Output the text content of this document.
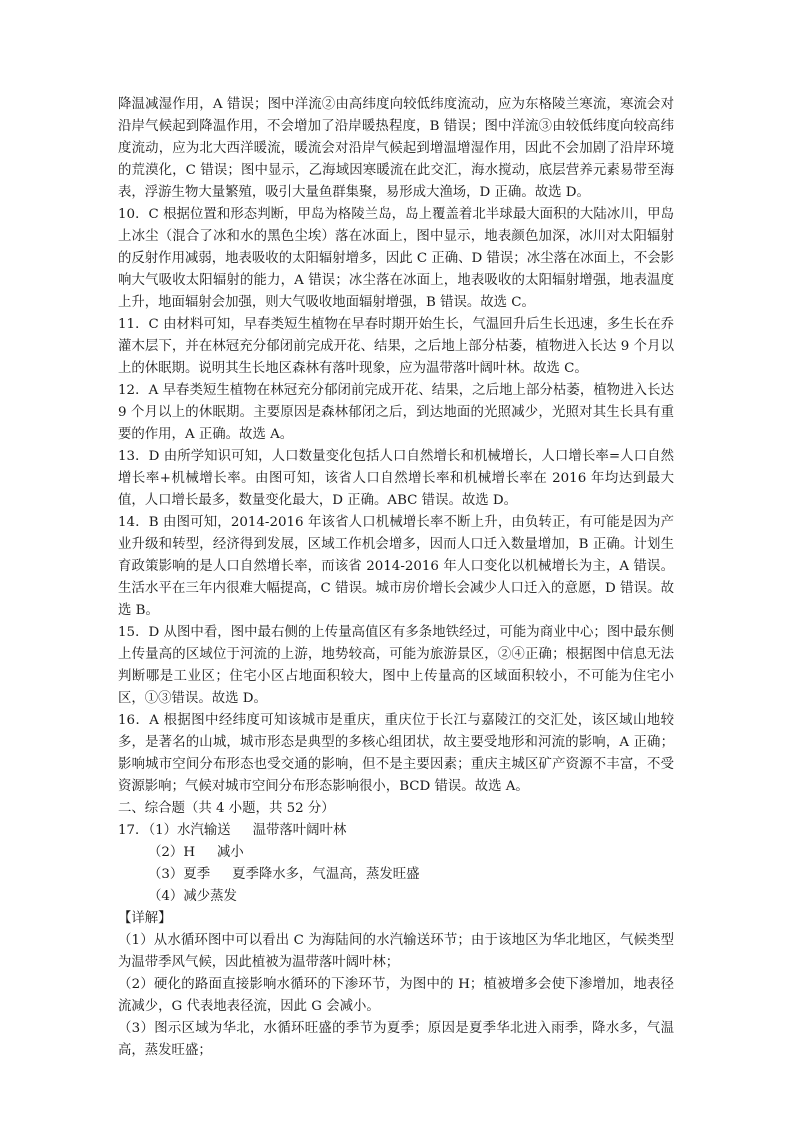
降温减湿作用，A 错误；图中洋流②由高纬度向较低纬度流动，应为东格陵兰寒流，寒流会对沿岸气候起到降温作用，不会增加了沿岸暖热程度，B 错误；图中洋流③由较低纬度向较高纬度流动，应为北大西洋暖流，暖流会对沿岸气候起到增温增湿作用，因此不会加剧了沿岸环境的荒漠化，C 错误；图中显示，乙海域因寒暖流在此交汇，海水搅动，底层营养元素易带至海表，浮游生物大量繁殖，吸引大量鱼群集聚，易形成大渔场，D 正确。故选 D。

10．C 根据位置和形态判断，甲岛为格陵兰岛，岛上覆盖着北半球最大面积的大陆冰川，甲岛上冰尘（混合了冰和水的黑色尘埃）落在冰面上，图中显示，地表颜色加深，冰川对太阳辐射的反射作用减弱，地表吸收的太阳辐射增多，因此 C 正确、D 错误；冰尘落在冰面上，不会影响大气吸收太阳辐射的能力，A 错误；冰尘落在冰面上，地表吸收的太阳辐射增强，地表温度上升，地面辐射会加强，则大气吸收地面辐射增强，B 错误。故选 C。

11．C 由材料可知，早春类短生植物在早春时期开始生长，气温回升后生长迅速，多生长在乔灌木层下，并在林冠充分郁闭前完成开花、结果，之后地上部分枯萎，植物进入长达 9 个月以上的休眠期。说明其生长地区森林有落叶现象，应为温带落叶阔叶林。故选 C。

12．A 早春类短生植物在林冠充分郁闭前完成开花、结果，之后地上部分枯萎，植物进入长达 9 个月以上的休眠期。主要原因是森林郁闭之后，到达地面的光照减少，光照对其生长具有重要的作用，A 正确。故选 A。

13．D 由所学知识可知，人口数量变化包括人口自然增长和机械增长，人口增长率=人口自然增长率+机械增长率。由图可知，该省人口自然增长率和机械增长率在 2016 年均达到最大值，人口增长最多，数量变化最大，D 正确。ABC 错误。故选 D。

14．B 由图可知，2014-2016 年该省人口机械增长率不断上升，由负转正，有可能是因为产业升级和转型，经济得到发展，区域工作机会增多，因而人口迁入数量增加，B 正确。计划生育政策影响的是人口自然增长率，而该省 2014-2016 年人口变化以机械增长为主，A 错误。生活水平在三年内很难大幅提高，C 错误。城市房价增长会减少人口迁入的意愿，D 错误。故选 B。

15．D 从图中看，图中最右侧的上传量高值区有多条地铁经过，可能为商业中心；图中最东侧上传量高的区域位于河流的上游，地势较高，可能为旅游景区，②④正确；根据图中信息无法判断哪是工业区；住宅小区占地面积较大，图中上传量高的区域面积较小，不可能为住宅小区，①③错误。故选 D。

16．A 根据图中经纬度可知该城市是重庆，重庆位于长江与嘉陵江的交汇处，该区域山地较多，是著名的山城，城市形态是典型的多核心组团状，故主要受地形和河流的影响，A 正确；影响城市空间分布形态也受交通的影响，但不是主要因素；重庆主城区矿产资源不丰富，不受资源影响；气候对城市空间分布形态影响很小，BCD 错误。故选 A。

二、综合题（共 4 小题，共 52 分）

17．（1）水汽输送 温带落叶阔叶林

（2）H 减小

（3）夏季 夏季降水多，气温高，蒸发旺盛

（4）减少蒸发

【详解】

（1）从水循环图中可以看出 C 为海陆间的水汽输送环节；由于该地区为华北地区，气候类型为温带季风气候，因此植被为温带落叶阔叶林；

（2）硬化的路面直接影响水循环的下渗环节，为图中的 H；植被增多会使下渗增加，地表径流减少，G 代表地表径流，因此 G 会减小。

（3）图示区域为华北，水循环旺盛的季节为夏季；原因是夏季华北进入雨季，降水多，气温高，蒸发旺盛；
